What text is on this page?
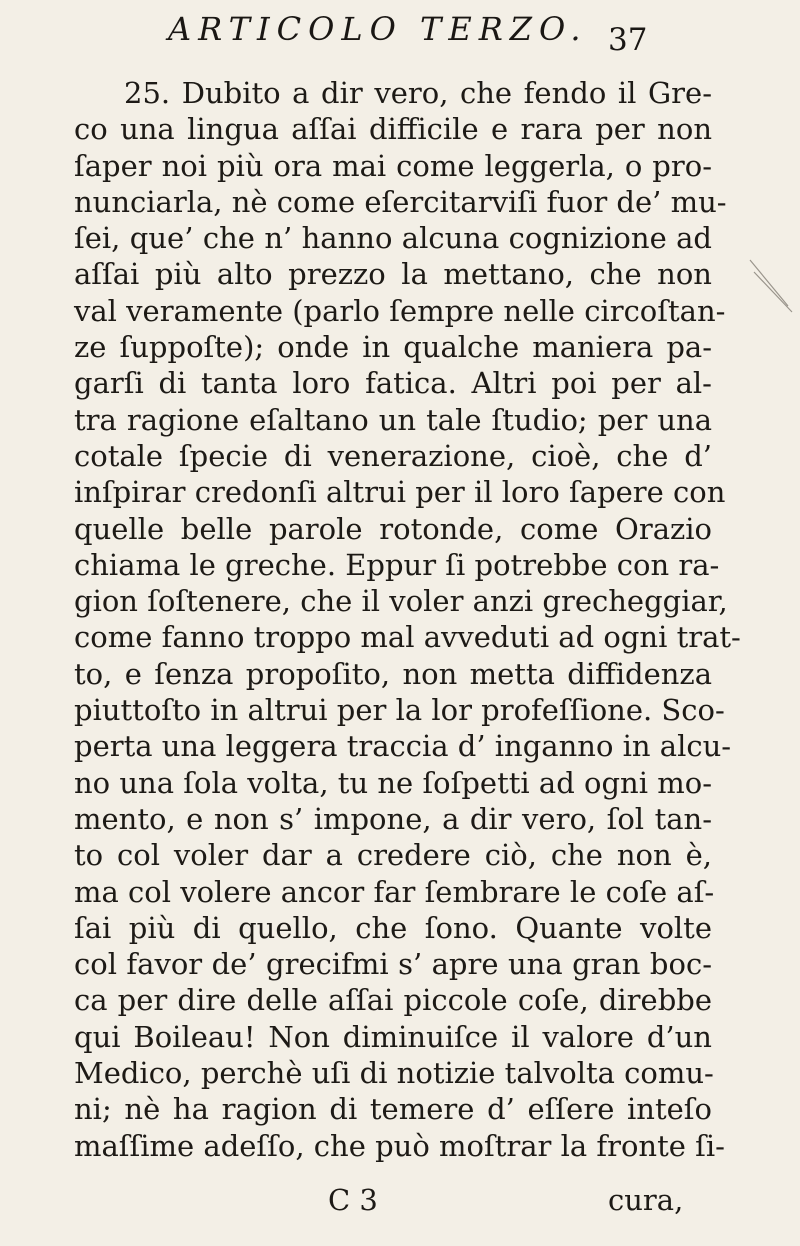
ARTICOLO TERZO. 37
25. Dubito a dir vero, che fendo il Gre-
co una lingua aſſai difficile e rara per non
ſaper noi più ora mai come leggerla, o pro-
nunciarla, nè come eſercitarviſi fuor de’ mu-
ſei, que’ che n’ hanno alcuna cognizione ad
aſſai più alto prezzo la mettano, che non
val veramente (parlo ſempre nelle circoſtan-
ze ſuppoſte); onde in qualche maniera pa-
garſi di tanta loro fatica. Altri poi per al-
tra ragione eſaltano un tale ſtudio; per una
cotale ſpecie di venerazione, cioè, che d’
inſpirar credonſi altrui per il loro ſapere con
quelle belle parole rotonde, come Orazio
chiama le greche. Eppur ſi potrebbe con ra-
gion ſoſtenere, che il voler anzi grecheggiar,
come fanno troppo mal avveduti ad ogni trat-
to, e ſenza propoſito, non metta diffidenza
piuttoſto in altrui per la lor profeſſione. Sco-
perta una leggera traccia d’ inganno in alcu-
no una ſola volta, tu ne ſoſpetti ad ogni mo-
mento, e non s’ impone, a dir vero, ſol tan-
to col voler dar a credere ciò, che non è,
ma col volere ancor far ſembrare le coſe aſ-
ſai più di quello, che ſono. Quante volte
col favor de’ grecifmi s’ apre una gran boc-
ca per dire delle aſſai piccole coſe, direbbe
qui Boileau! Non diminuiſce il valore d’un
Medico, perchè uſi di notizie talvolta comu-
ni; nè ha ragion di temere d’ eſſere inteſo
maſſime adeſſo, che può moſtrar la fronte ſi-
C 3	cura,
